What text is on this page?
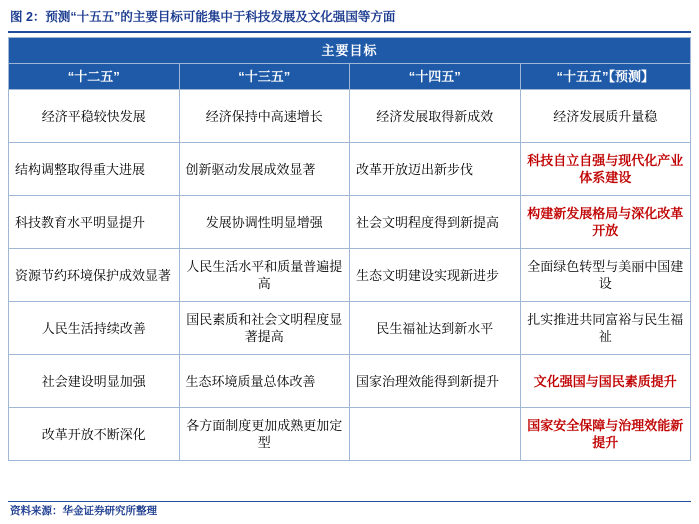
图 2：预测“十五五”的主要目标可能集中于科技发展及文化强国等方面
主要目标			
“十二五”	“十三五”	“十四五”	“十五五”【预测】
经济平稳较快发展	经济保持中高速增长	经济发展取得新成效	经济发展质升量稳
结构调整取得重大进展	创新驱动发展成效显著	改革开放迈出新步伐	科技自立自强与现代化产业体系建设
科技教育水平明显提升	发展协调性明显增强	社会文明程度得到新提高	构建新发展格局与深化改革开放
资源节约环境保护成效显著	人民生活水平和质量普遍提高	生态文明建设实现新进步	全面绿色转型与美丽中国建设
人民生活持续改善	国民素质和社会文明程度显著提高	民生福祉达到新水平	扎实推进共同富裕与民生福祉
社会建设明显加强	生态环境质量总体改善	国家治理效能得到新提升	文化强国与国民素质提升
改革开放不断深化	各方面制度更加成熟更加定型		国家安全保障与治理效能新提升
资料来源：华金证券研究所整理
